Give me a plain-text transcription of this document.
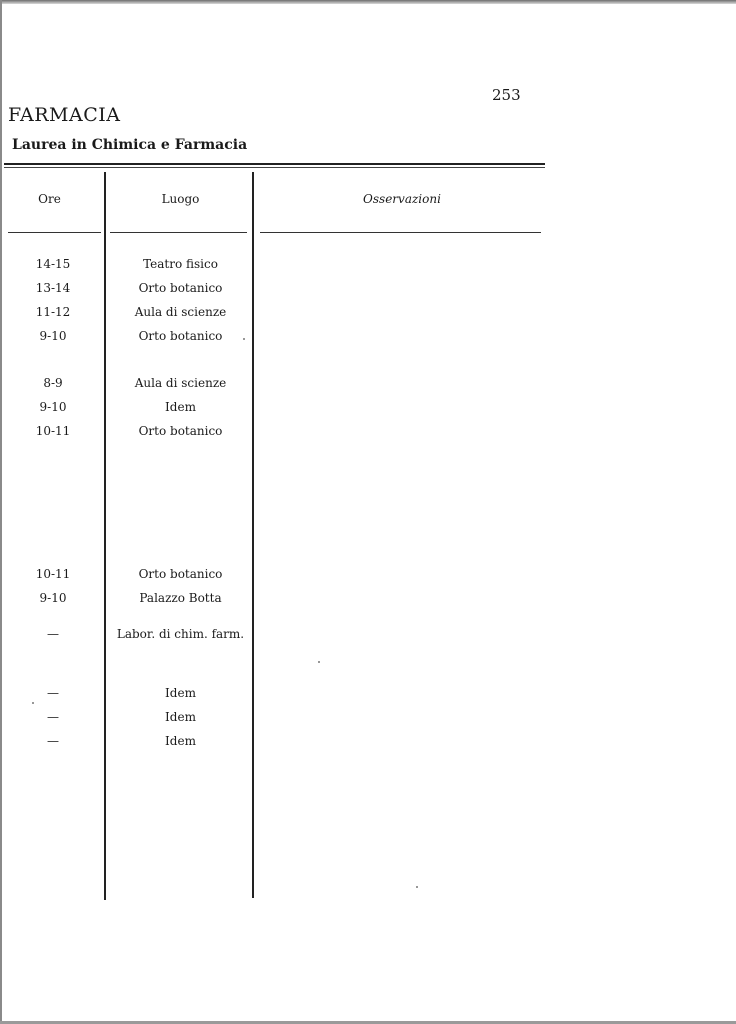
253
FARMACIA
Laurea in Chimica e Farmacia
Ore	Luogo	Osservazioni
14-15	Teatro fisico
13-14	Orto botanico
11-12	Aula di scienze
9-10	Orto botanico
8-9	Aula di scienze
9-10	Idem
10-11	Orto botanico
10-11	Orto botanico
9-10	Palazzo Botta
—	Labor. di chim. farm.
—	Idem
—	Idem
—	Idem
